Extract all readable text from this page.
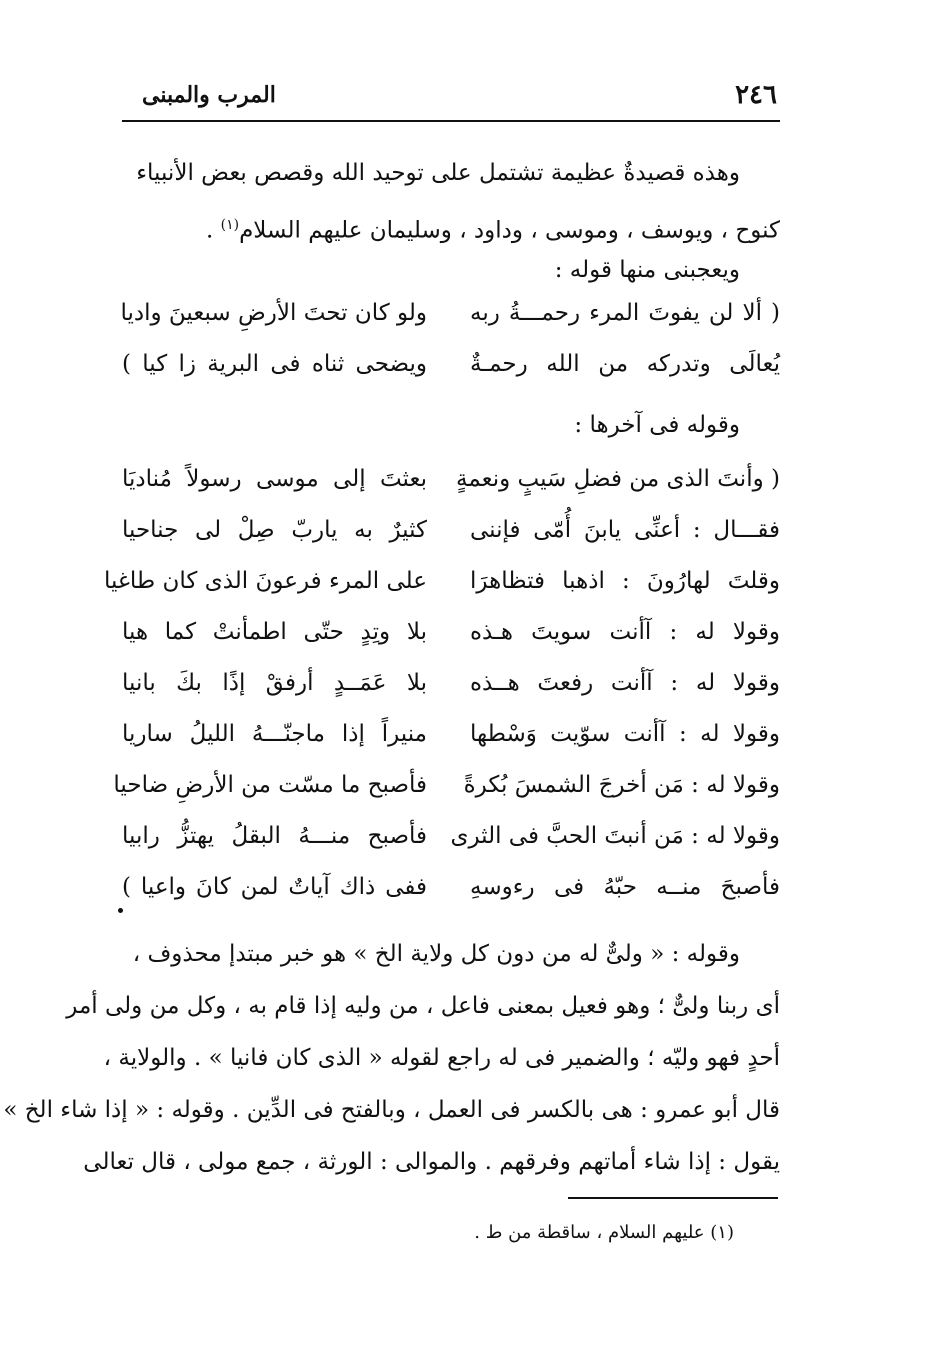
٢٤٦
المرب والمبنى
وهذه قصيدةٌ عظيمة تشتمل على توحيد الله وقصص بعض الأنبياء
كنوح ، ويوسف ، وموسى ، وداود ، وسليمان عليهم السلام$^{(١)}$ .
ويعجبنى منها قوله :
( ألا لن يفوتَ المرء رحمـــةُ ربه
ولو كان تحتَ الأرضِ سبعينَ واديا
يُعالَى وتدركه من الله رحمـةٌ
ويضحى ثناه فى البرية زا كيا )
وقوله فى آخرها :
( وأنتَ الذى من فضلِ سَيبٍ ونعمةٍ
بعثتَ إلى موسى رسولاً مُناديَا
فقـــال : أعنِّى يابنَ أُمّى فإننى
كثيرٌ به ياربّ صِلْ لى جناحيا
وقلتَ لهارُونَ : اذهبا فتظاهرَا
على المرء فرعونَ الذى كان طاغيا
وقولا له : آأنت سويتَ هـذه
بلا وتِدٍ حتّى اطمأنتْ كما هيا
وقولا له : آأنت رفعتَ هــذه
بلا عَمَــدٍ أرفقْ إذًا بكَ بانيا
وقولا له : آأنت سوّيت وَسْطها
منيراً إذا ماجنّـــهُ الليلُ ساريا
وقولا له : مَن أخرجَ الشمسَ بُكرةً
فأصبح ما مسّت من الأرضِ ضاحيا
وقولا له : مَن أنبتَ الحبَّ فى الثرى
فأصبح منـــهُ البقلُ يهتزُّ رابيا
فأصبحَ منــه حبّهُ فى رءوسهِ
ففى ذاك آياتٌ لمن كانَ واعيا )
وقوله : « ولىٌّ له من دون كل ولاية الخ » هو خبر مبتدإ محذوف ،
أى ربنا ولىٌّ ؛ وهو فعيل بمعنى فاعل ، من وليه إذا قام به ، وكل من ولى أمر
أحدٍ فهو وليّه ؛ والضمير فى له راجع لقوله « الذى كان فانيا » . والولاية ،
قال أبو عمرو : هى بالكسر فى العمل ، وبالفتح فى الدِّين . وقوله : « إذا شاء الخ »
يقول : إذا شاء أماتهم وفرقهم . والموالى : الورثة ، جمع مولى ، قال تعالى
(١) عليهم السلام ، ساقطة من ط .
